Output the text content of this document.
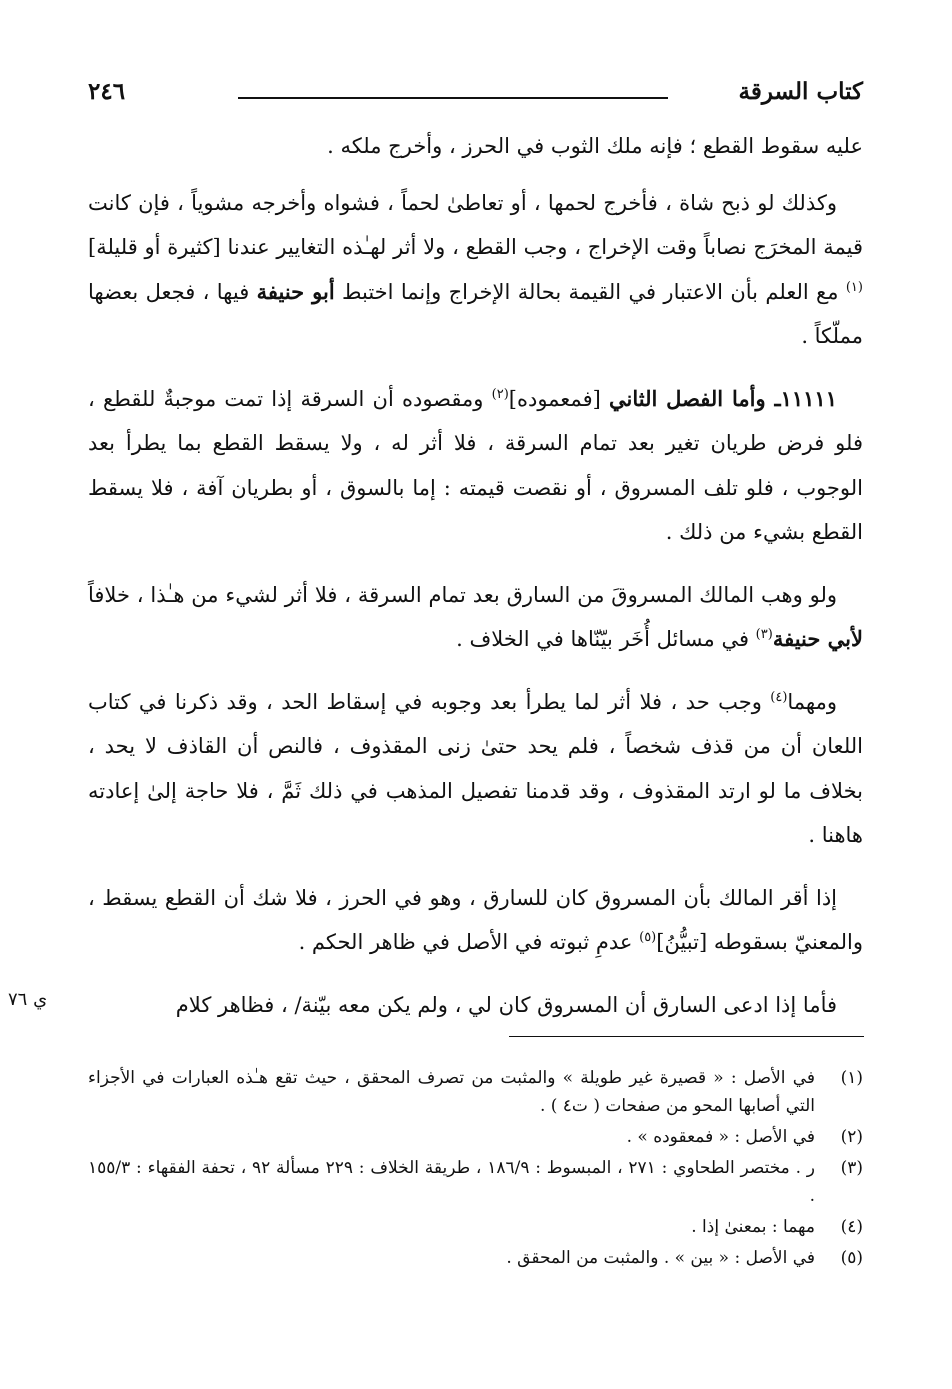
كتاب السرقة
٢٤٦

عليه سقوط القطع ؛ فإنه ملك الثوب في الحرز ، وأخرج ملكه .

وكذلك لو ذبح شاة ، فأخرج لحمها ، أو تعاطىٰ لحماً ، فشواه وأخرجه مشوياً ، فإن كانت قيمة المخرَج نصاباً وقت الإخراج ، وجب القطع ، ولا أثر لهـٰذه التغايير عندنا [كثيرة أو قليلة]$^{(١)}$ مع العلم بأن الاعتبار في القيمة بحالة الإخراج وإنما اختبط أبو حنيفة فيها ، فجعل بعضها مملّكاً .

١١١١١ـ وأما الفصل الثاني [فمعموده]$^{(٢)}$ ومقصوده أن السرقة إذا تمت موجبةٌ للقطع ، فلو فرض طريان تغير بعد تمام السرقة ، فلا أثر له ، ولا يسقط القطع بما يطرأ بعد الوجوب ، فلو تلف المسروق ، أو نقصت قيمته : إما بالسوق ، أو بطريان آفة ، فلا يسقط القطع بشيء من ذلك .

ولو وهب المالك المسروقَ من السارق بعد تمام السرقة ، فلا أثر لشيء من هـٰذا ، خلافاً لأبي حنيفة$^{(٣)}$ في مسائل أُخَر بيّنّاها في الخلاف .

ومهما$^{(٤)}$ وجب حد ، فلا أثر لما يطرأ بعد وجوبه في إسقاط الحد ، وقد ذكرنا في كتاب اللعان أن من قذف شخصاً ، فلم يحد حتىٰ زنى المقذوف ، فالنص أن القاذف لا يحد ، بخلاف ما لو ارتد المقذوف ، وقد قدمنا تفصيل المذهب في ذلك ثَمَّ ، فلا حاجة إلىٰ إعادته هاهنا .

إذا أقر المالك بأن المسروق كان للسارق ، وهو في الحرز ، فلا شك أن القطع يسقط ، والمعنيّ بسقوطه [تبيُّنُ]$^{(٥)}$ عدمِ ثبوته في الأصل في ظاهر الحكم .

فأما إذا ادعى السارق أن المسروق كان لي ، ولم يكن معه بيّنة/ ، فظاهر كلام

ي ٧٦
(١)
في الأصل : « قصيرة غير طويلة » والمثبت من تصرف المحقق ، حيث تقع هـٰذه العبارات في الأجزاء التي أصابها المحو من صفحات ( ت٤ ) .
(٢)
في الأصل : « فمعقوده » .
(٣)
ر . مختصر الطحاوي : ٢٧١ ، المبسوط : ١٨٦/٩ ، طريقة الخلاف : ٢٢٩ مسألة ٩٢ ، تحفة الفقهاء : ١٥٥/٣ .
(٤)
مهما : بمعنىٰ إذا .
(٥)
في الأصل : « بين » . والمثبت من المحقق .
